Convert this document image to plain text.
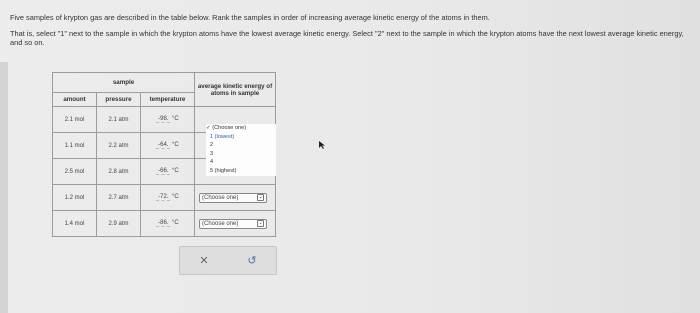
Five samples of krypton gas are described in the table below. Rank the samples in order of increasing average kinetic energy of the atoms in them.

That is, select "1" next to the sample in which the krypton atoms have the lowest average kinetic energy. Select "2" next to the sample in which the krypton atoms have the next lowest average kinetic energy, and so on.

sample			average kinetic energy of atoms in sample
amount	pressure	temperature	
2.1 mol	2.1 atm	-98. °C	
1.1 mol	2.2 atm	-64. °C	
2.5 mol	2.8 atm	-66. °C	
1.2 mol	2.7 atm	-72. °C	(Choose one) ⌄

1.4 mol	2.9 atm	-86. °C	(Choose one) ⌄
✓ (Choose one)
1 (lowest)
2
3
4
5 (highest)
✕	↺
